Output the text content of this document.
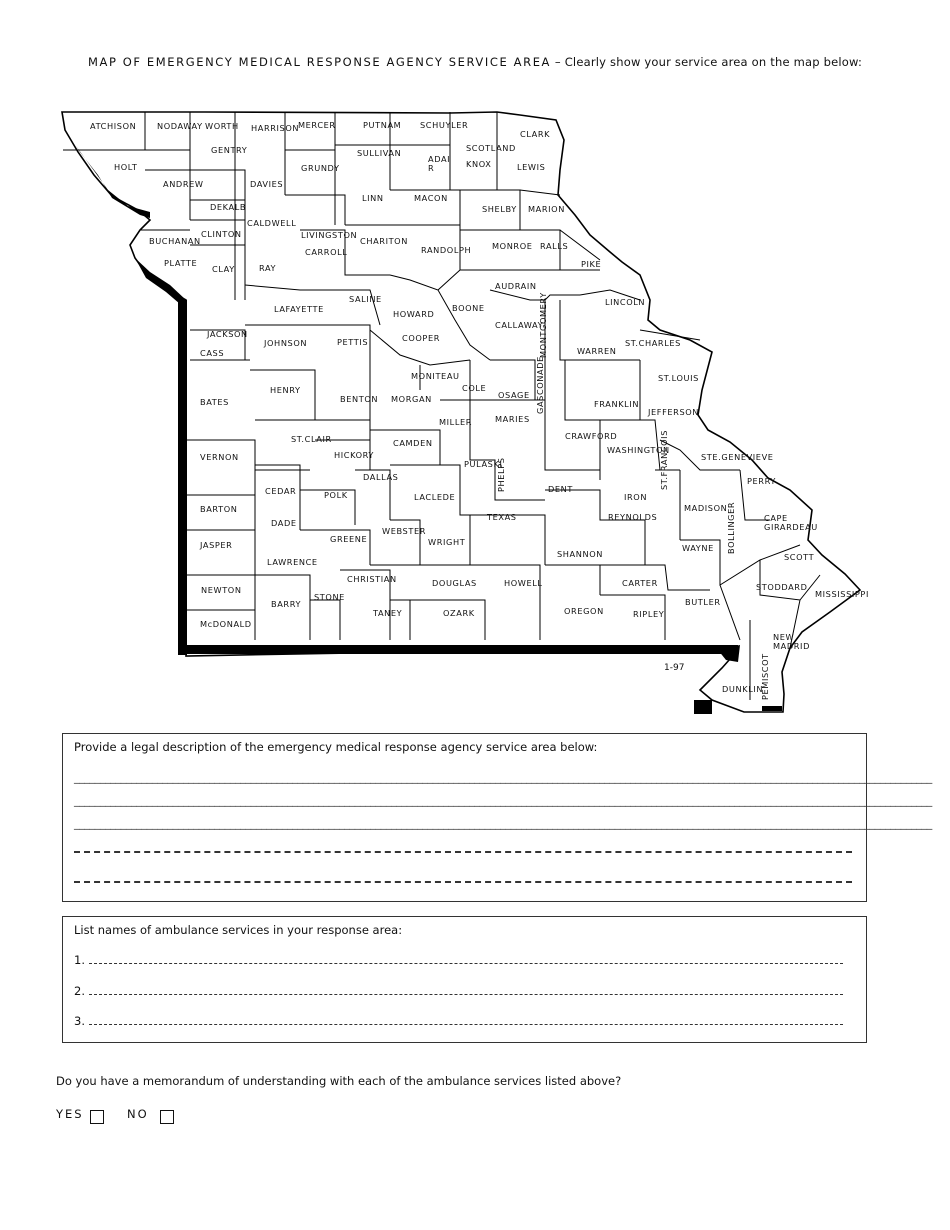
MAP OF EMERGENCY MEDICAL RESPONSE AGENCY SERVICE AREA – Clearly show your service area on the map below:
ATCHISON	NODAWAY WORTH HARRISON
MERCER	PUTNAM SCHUYLER
CLARK
SCOTLAND
KNOX	LEWIS
HOLT
GENTRY	SULLIVAN
ADAI R
GRUNDY
ANDREW	DAVIES
DEKALB
LINN	MACON
SHELBY MARION
BUCHANAN
CLINTON
CALDWELL
LIVINGSTON
CHARITON
RANDOLPH	MONROE RALLS
PLATTE
CLAY	RAY
CARROLL
PIKE
AUDRAIN
SALINE
HOWARD
BOONE
LINCOLN
LAFAYETTE
CALLAWAY
MONTGOMERY
JACKSON
JOHNSON	PETTIS	COOPER
WARREN
ST.CHARLES
CASS
MONITEAU
COLE	GASCONADE	ST.LOUIS
HENRY
BENTON MORGAN	OSAGE
FRANKLIN
BATES
MILLER	MARIES
JEFFERSON
ST.CLAIR	CAMDEN
CRAWFORD
WASHINGTON
ST.FRANCOIS
VERNON	HICKORY
PULASKI
PHELPS
STE.GENEVIEVE
DALLAS
CEDAR	POLK	LACLEDE
DENT
IRON
PERRY
BARTON
DADE
TEXAS	REYNOLDS
MADISON
CAPE GIRARDEAU
BOLLINGER
JASPER
GREENE
WEBSTER
WRIGHT
SHANNON
WAYNE
SCOTT
LAWRENCE
CHRISTIAN	DOUGLAS	HOWELL	CARTER	STODDARD
NEWTON
STONE
BARRY
MISSISSIPPI
BUTLER
McDONALD
TANEY	OZARK	OREGON	RIPLEY
NEW MADRID
DUNKLIN
PEMISCOT
1-97
Provide a legal description of the emergency medical response agency service area below:
_____________________________________________________________________________________________________________________________________________________________________
_____________________________________________________________________________________________________________________________________________________________________
_____________________________________________________________________________________________________________________________________________________________________
List names of ambulance services in your response area:
1.
2.
3.
Do you have a memorandum of understanding with each of the ambulance services listed above?
YES	NO
